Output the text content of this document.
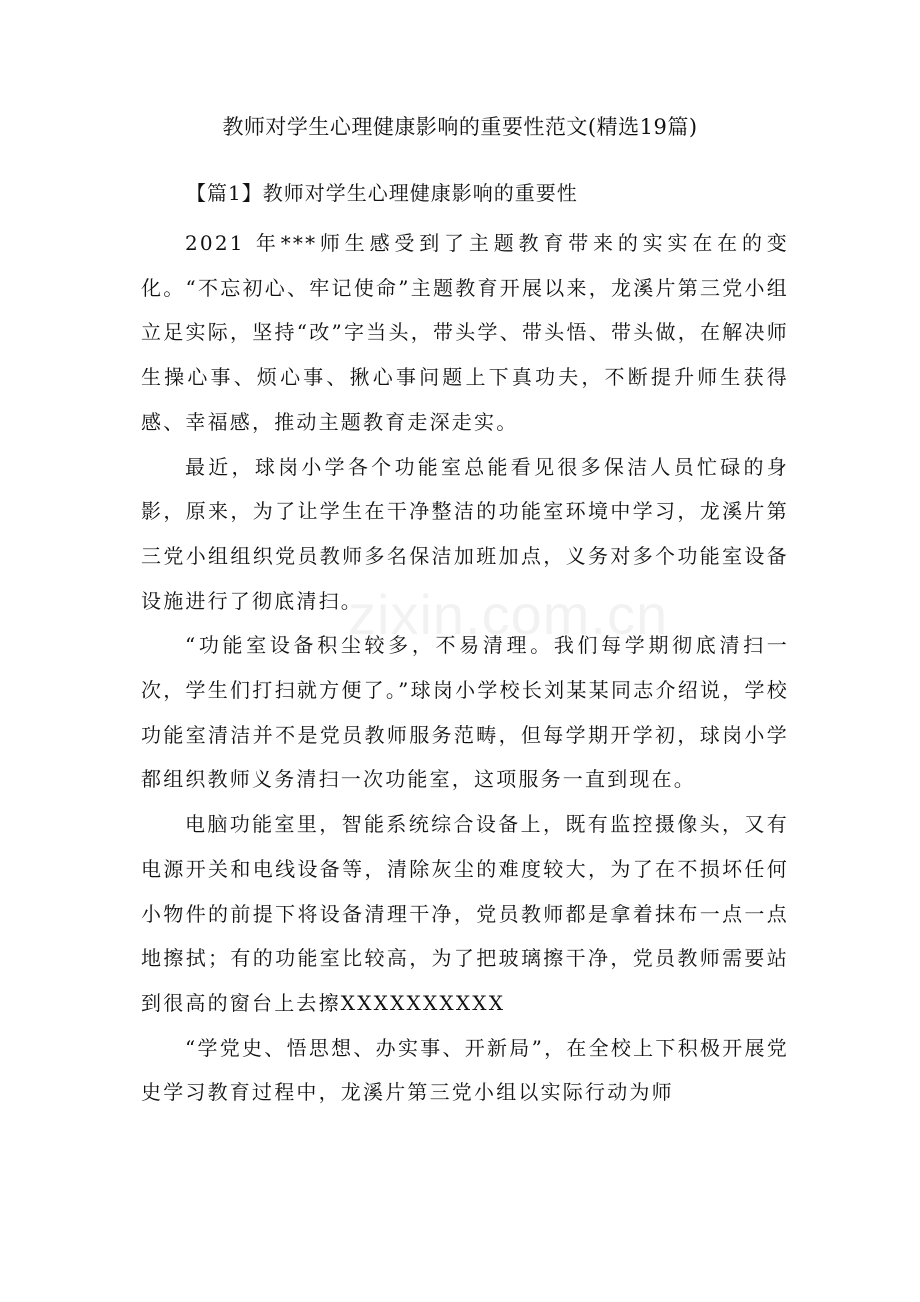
教师对学生心理健康影响的重要性范文(精选19篇)
【篇1】教师对学生心理健康影响的重要性

2021 年***师生感受到了主题教育带来的实实在在的变化。“不忘初心、牢记使命”主题教育开展以来，龙溪片第三党小组立足实际，坚持“改”字当头，带头学、带头悟、带头做，在解决师生操心事、烦心事、揪心事问题上下真功夫，不断提升师生获得感、幸福感，推动主题教育走深走实。

最近，球岗小学各个功能室总能看见很多保洁人员忙碌的身影，原来，为了让学生在干净整洁的功能室环境中学习，龙溪片第三党小组组织党员教师多名保洁加班加点，义务对多个功能室设备设施进行了彻底清扫。

“功能室设备积尘较多，不易清理。我们每学期彻底清扫一次，学生们打扫就方便了。”球岗小学校长刘某某同志介绍说，学校功能室清洁并不是党员教师服务范畴，但每学期开学初，球岗小学都组织教师义务清扫一次功能室，这项服务一直到现在。

电脑功能室里，智能系统综合设备上，既有监控摄像头，又有电源开关和电线设备等，清除灰尘的难度较大，为了在不损坏任何小物件的前提下将设备清理干净，党员教师都是拿着抹布一点一点地擦拭；有的功能室比较高，为了把玻璃擦干净，党员教师需要站到很高的窗台上去擦XXXXXXXXXX

“学党史、悟思想、办实事、开新局”，在全校上下积极开展党史学习教育过程中，龙溪片第三党小组以实际行动为师

zixin.com.cn
